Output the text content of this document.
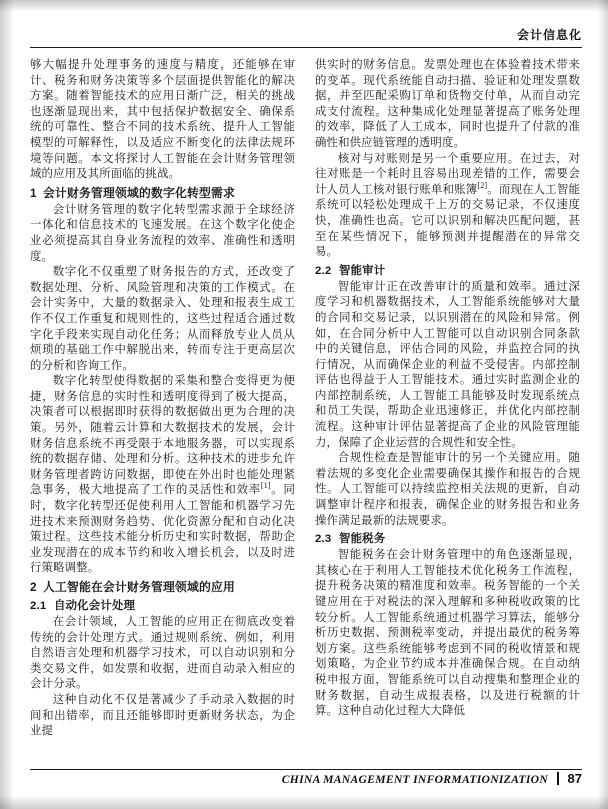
会计信息化

够大幅提升处理事务的速度与精度，还能够在审计、税务和财务决策等多个层面提供智能化的解决方案。随着智能技术的应用日渐广泛，相关的挑战也逐渐显现出来，其中包括保护数据安全、确保系统的可靠性、整合不同的技术系统、提升人工智能模型的可解释性，以及适应不断变化的法律法规环境等问题。本文将探讨人工智能在会计财务管理领域的应用及其所面临的挑战。

1 会计财务管理领域的数字化转型需求

会计财务管理的数字化转型需求源于全球经济一体化和信息技术的飞速发展。在这个数字化使企业必须提高其自身业务流程的效率、准确性和透明度。

数字化不仅重塑了财务报告的方式，还改变了数据处理、分析、风险管理和决策的工作模式。在会计实务中，大量的数据录入、处理和报表生成工作不仅工作重复和规则性的，这些过程适合通过数字化手段来实现自动化任务；从而释放专业人员从烦琐的基础工作中解脱出来，转而专注于更高层次的分析和咨询工作。

数字化转型使得数据的采集和整合变得更为便捷，财务信息的实时性和透明度得到了极大提高，决策者可以根据即时获得的数据做出更为合理的决策。另外，随着云计算和大数据技术的发展，会计财务信息系统不再受限于本地服务器，可以实现系统的数据存储、处理和分析。这种技术的进步允许财务管理者跨访问数据，即使在外出时也能处理紧急事务，极大地提高了工作的灵活性和效率[1]。同时，数字化转型还促使利用人工智能和机器学习先进技术来预测财务趋势、优化资源分配和自动化决策过程。这些技术能分析历史和实时数据，帮助企业发现潜在的成本节约和收入增长机会，以及时进行策略调整。

2 人工智能在会计财务管理领域的应用
2.1 自动化会计处理

在会计领域，人工智能的应用正在彻底改变着传统的会计处理方式。通过规则系统、例如，利用自然语言处理和机器学习技术，可以自动识别和分类交易文件，如发票和收据，进而自动录入相应的会计分录。

这种自动化不仅是著减少了手动录入数据的时间和出错率，而且还能够即时更新财务状态，为企业提

供实时的财务信息。发票处理也在体验着技术带来的变革。现代系统能自动扫描、验证和处理发票数据，并至匹配采购订单和货物交付单，从而自动完成支付流程。这种集成化处理显著提高了账务处理的效率，降低了人工成本，同时也提升了付款的准确性和供应链管理的透明度。

核对与对账则是另一个重要应用。在过去，对往对账是一个耗时且容易出现差错的工作，需要会计人员人工核对银行账单和账簿[2]。而现在人工智能系统可以轻松处理成千上万的交易记录，不仅速度快，准确性也高。它可以识别和解决匹配问题，甚至在某些情况下，能够预测并提醒潜在的异常交易。

2.2 智能审计

智能审计正在改善审计的质量和效率。通过深度学习和机器数据技术，人工智能系统能够对大量的合同和交易记录，以识别潜在的风险和异常。例如，在合同分析中人工智能可以自动识别合同条款中的关键信息，评估合同的风险，并监控合同的执行情况，从而确保企业的利益不受侵害。内部控制评估也得益于人工智能技术。通过实时监测企业的内部控制系统，人工智能工具能够及时发现系统点和员工失误，帮助企业迅速修正，并优化内部控制流程。这种审计评估显著提高了企业的风险管理能力，保障了企业运营的合规性和安全性。

合规性检查是智能审计的另一个关键应用。随着法规的多变化企业需要确保其操作和报告的合规性。人工智能可以持续监控相关法规的更新，自动调整审计程序和报表，确保企业的财务报告和业务操作满足最新的法规要求。

2.3 智能税务

智能税务在会计财务管理中的角色逐渐显现，其核心在于利用人工智能技术优化税务工作流程，提升税务决策的精准度和效率。税务智能的一个关键应用在于对税法的深入理解和多种税收政策的比较分析。人工智能系统通过机器学习算法，能够分析历史数据、预测税率变动，并提出最优的税务筹划方案。这些系统能够考虑到不同的税收情景和规划策略，为企业节约成本并准确保合规。在自动纳税申报方面，智能系统可以自动搜集和整理企业的财务数据，自动生成报表格，以及进行税额的计算。这种自动化过程大大降低

CHINA MANAGEMENT INFORMATIONIZATION 87
